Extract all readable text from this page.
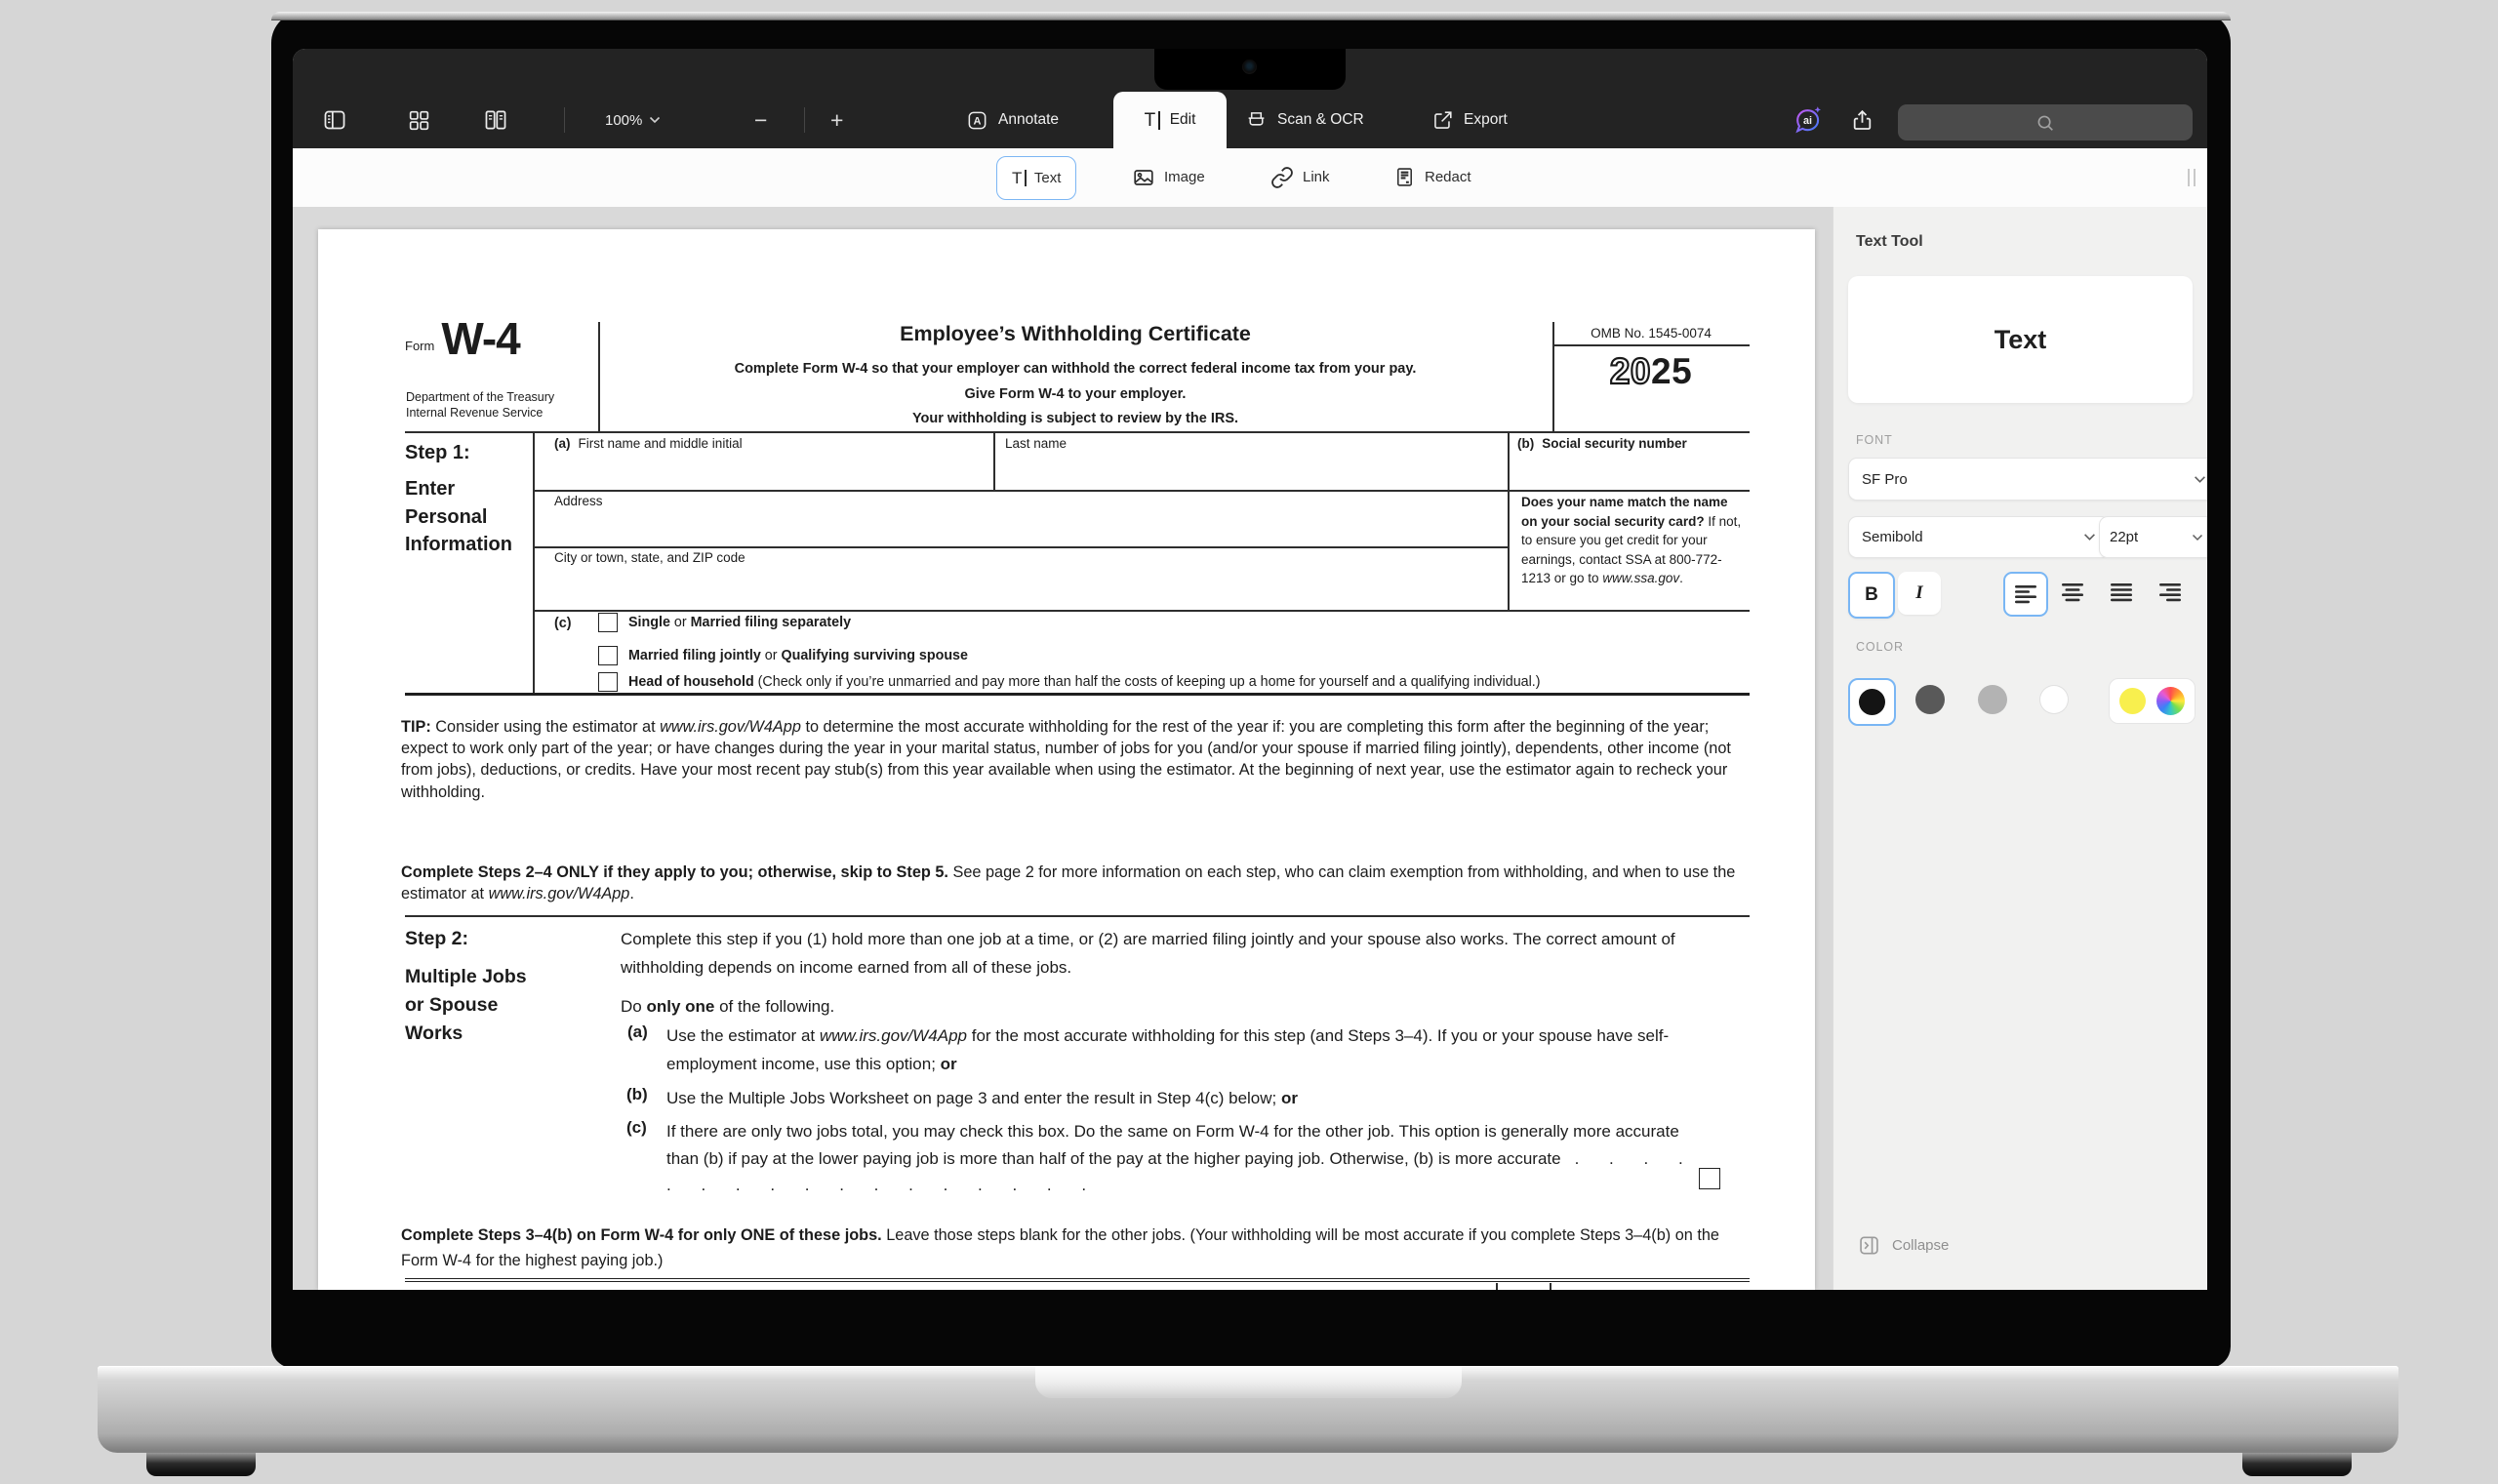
100%	−	+	A Annotate	T Edit	Scan & OCR	Export	ai
T Text	Image	Link	Redact
Form W-4
Department of the Treasury
Internal Revenue Service
Employee’s Withholding Certificate
Complete Form W-4 so that your employer can withhold the correct federal income tax from your pay.
Give Form W-4 to your employer.
Your withholding is subject to review by the IRS.
OMB No. 1545-0074
2025
Step 1:
Enter
Personal
Information
(a) First name and middle initial	Last name	(b) Social security number
Address
City or town, state, and ZIP code
Does your name match the name on your social security card? If not, to ensure you get credit for your earnings, contact SSA at 800-772-1213 or go to www.ssa.gov.
(c)	Single or Married filing separately
Married filing jointly or Qualifying surviving spouse
Head of household (Check only if you’re unmarried and pay more than half the costs of keeping up a home for yourself and a qualifying individual.)
TIP: Consider using the estimator at www.irs.gov/W4App to determine the most accurate withholding for the rest of the year if: you are completing this form after the beginning of the year; expect to work only part of the year; or have changes during the year in your marital status, number of jobs for you (and/or your spouse if married filing jointly), dependents, other income (not from jobs), deductions, or credits. Have your most recent pay stub(s) from this year available when using the estimator. At the beginning of next year, use the estimator again to recheck your withholding.
Complete Steps 2–4 ONLY if they apply to you; otherwise, skip to Step 5. See page 2 for more information on each step, who can claim exemption from withholding, and when to use the estimator at www.irs.gov/W4App.
Step 2:
Multiple Jobs
or Spouse
Works
Complete this step if you (1) hold more than one job at a time, or (2) are married filing jointly and your spouse also works. The correct amount of withholding depends on income earned from all of these jobs.
Do only one of the following.
(a) Use the estimator at www.irs.gov/W4App for the most accurate withholding for this step (and Steps 3–4). If you or your spouse have self-employment income, use this option; or
(b) Use the Multiple Jobs Worksheet on page 3 and enter the result in Step 4(c) below; or
(c) If there are only two jobs total, you may check this box. Do the same on Form W-4 for the other job. This option is generally more accurate than (b) if pay at the lower paying job is more than half of the pay at the higher paying job. Otherwise, (b) is more accurate . . . . . . . . . . . . . . . . .
Complete Steps 3–4(b) on Form W-4 for only ONE of these jobs. Leave those steps blank for the other jobs. (Your withholding will be most accurate if you complete Steps 3–4(b) on the Form W-4 for the highest paying job.)
Text Tool
Text
FONT
SF Pro
Semibold	22pt
B	I
COLOR
Collapse
